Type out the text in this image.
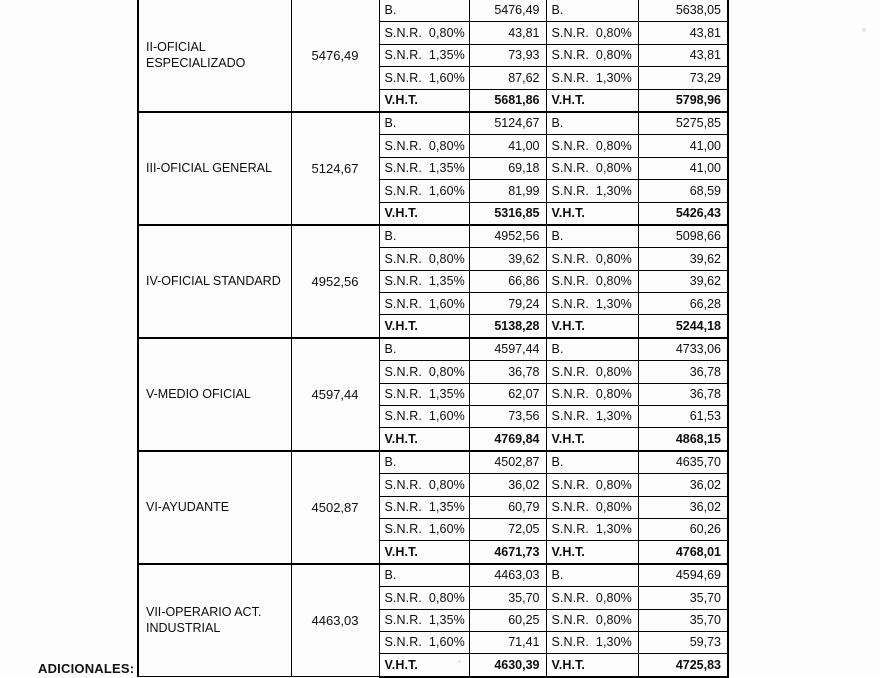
II-OFICIAL ESPECIALIZADO	5476,49	B.	5476,49	B.	5638,05
		S.N.R. 0,80%	43,81	S.N.R. 0,80%	43,81
		S.N.R. 1,35%	73,93	S.N.R. 0,80%	43,81
		S.N.R. 1,60%	87,62	S.N.R. 1,30%	73,29
		V.H.T.	5681,86	V.H.T.	5798,96
III-OFICIAL GENERAL	5124,67	B.	5124,67	B.	5275,85
		S.N.R. 0,80%	41,00	S.N.R. 0,80%	41,00
		S.N.R. 1,35%	69,18	S.N.R. 0,80%	41,00
		S.N.R. 1,60%	81,99	S.N.R. 1,30%	68,59
		V.H.T.	5316,85	V.H.T.	5426,43
IV-OFICIAL STANDARD	4952,56	B.	4952,56	B.	5098,66
		S.N.R. 0,80%	39,62	S.N.R. 0,80%	39,62
		S.N.R. 1,35%	66,86	S.N.R. 0,80%	39,62
		S.N.R. 1,60%	79,24	S.N.R. 1,30%	66,28
		V.H.T.	5138,28	V.H.T.	5244,18
V-MEDIO OFICIAL	4597,44	B.	4597,44	B.	4733,06
		S.N.R. 0,80%	36,78	S.N.R. 0,80%	36,78
		S.N.R. 1,35%	62,07	S.N.R. 0,80%	36,78
		S.N.R. 1,60%	73,56	S.N.R. 1,30%	61,53
		V.H.T.	4769,84	V.H.T.	4868,15
VI-AYUDANTE	4502,87	B.	4502,87	B.	4635,70
		S.N.R. 0,80%	36,02	S.N.R. 0,80%	36,02
		S.N.R. 1,35%	60,79	S.N.R. 0,80%	36,02
		S.N.R. 1,60%	72,05	S.N.R. 1,30%	60,26
		V.H.T.	4671,73	V.H.T.	4768,01
VII-OPERARIO ACT. INDUSTRIAL	4463,03	B.	4463,03	B.	4594,69
		S.N.R. 0,80%	35,70	S.N.R. 0,80%	35,70
		S.N.R. 1,35%	60,25	S.N.R. 0,80%	35,70
		S.N.R. 1,60%	71,41	S.N.R. 1,30%	59,73
		V.H.T.	4630,39	V.H.T.	4725,83
ADICIONALES:
